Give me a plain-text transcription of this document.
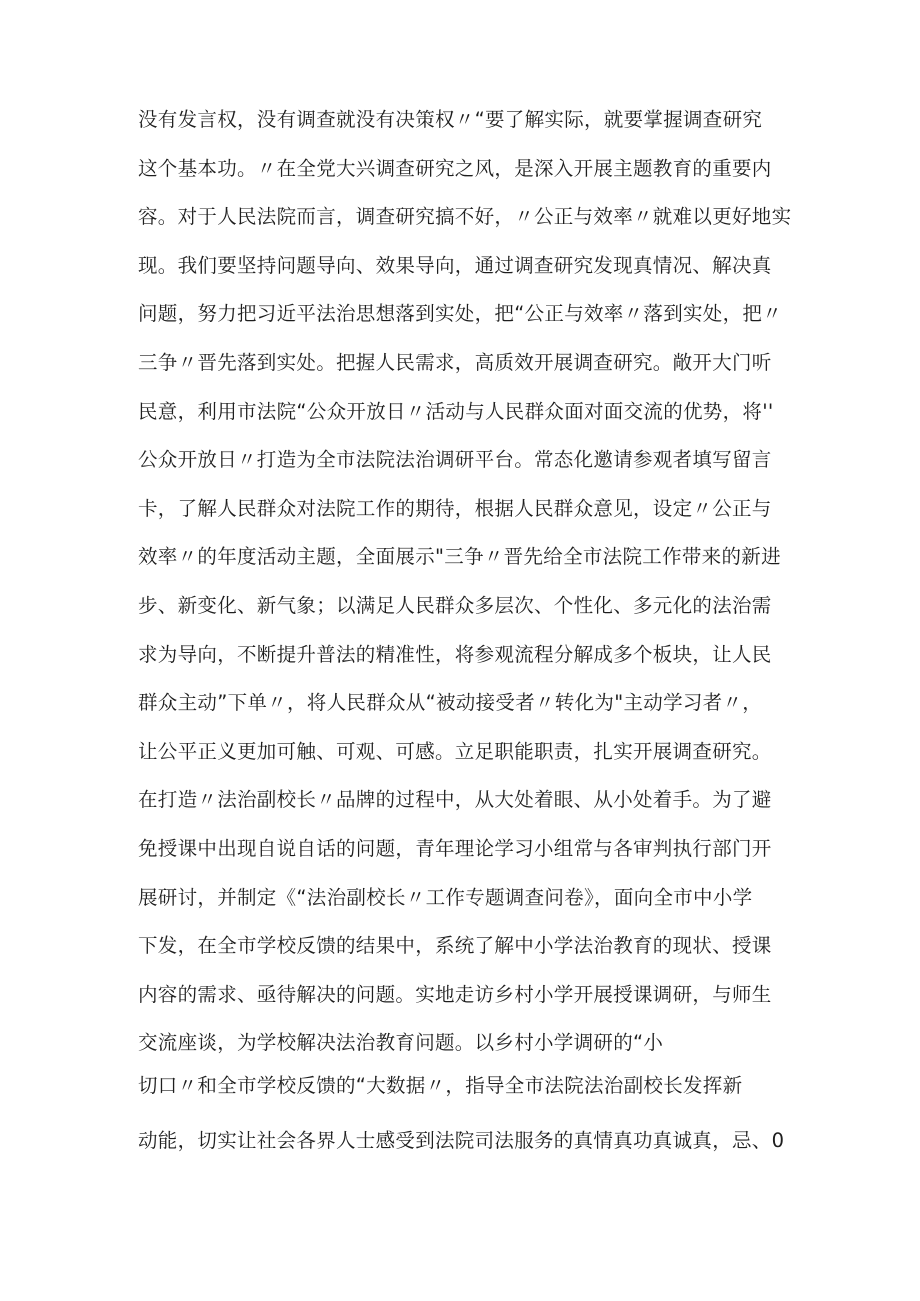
没有发言权，没有调查就没有决策权〃“要了解实际，就要掌握调查研究
这个基本功。〃在全党大兴调查研究之风，是深入开展主题教育的重要内
容。对于人民法院而言，调查研究搞不好，〃公正与效率〃就难以更好地实
现。我们要坚持问题导向、效果导向，通过调查研究发现真情况、解决真
问题，努力把习近平法治思想落到实处，把“公正与效率〃落到实处，把〃
三争〃晋先落到实处。把握人民需求，高质效开展调查研究。敞开大门听
民意，利用市法院“公众开放日〃活动与人民群众面对面交流的优势，将''
公众开放日〃打造为全市法院法治调研平台。常态化邀请参观者填写留言
卡，了解人民群众对法院工作的期待，根据人民群众意见，设定〃公正与
效率〃的年度活动主题，全面展示"三争〃晋先给全市法院工作带来的新进
步、新变化、新气象；以满足人民群众多层次、个性化、多元化的法治需
求为导向，不断提升普法的精准性，将参观流程分解成多个板块，让人民
群众主动”下单〃，将人民群众从“被动接受者〃转化为"主动学习者〃，
让公平正义更加可触、可观、可感。立足职能职责，扎实开展调查研究。
在打造〃法治副校长〃品牌的过程中，从大处着眼、从小处着手。为了避
免授课中出现自说自话的问题，青年理论学习小组常与各审判执行部门开
展研讨，并制定《“法治副校长〃工作专题调查问卷》，面向全市中小学
下发，在全市学校反馈的结果中，系统了解中小学法治教育的现状、授课
内容的需求、亟待解决的问题。实地走访乡村小学开展授课调研，与师生
交流座谈，为学校解决法治教育问题。以乡村小学调研的“小
切口〃和全市学校反馈的“大数据〃，指导全市法院法治副校长发挥新
动能，切实让社会各界人士感受到法院司法服务的真情真功真诚真，忌、0
